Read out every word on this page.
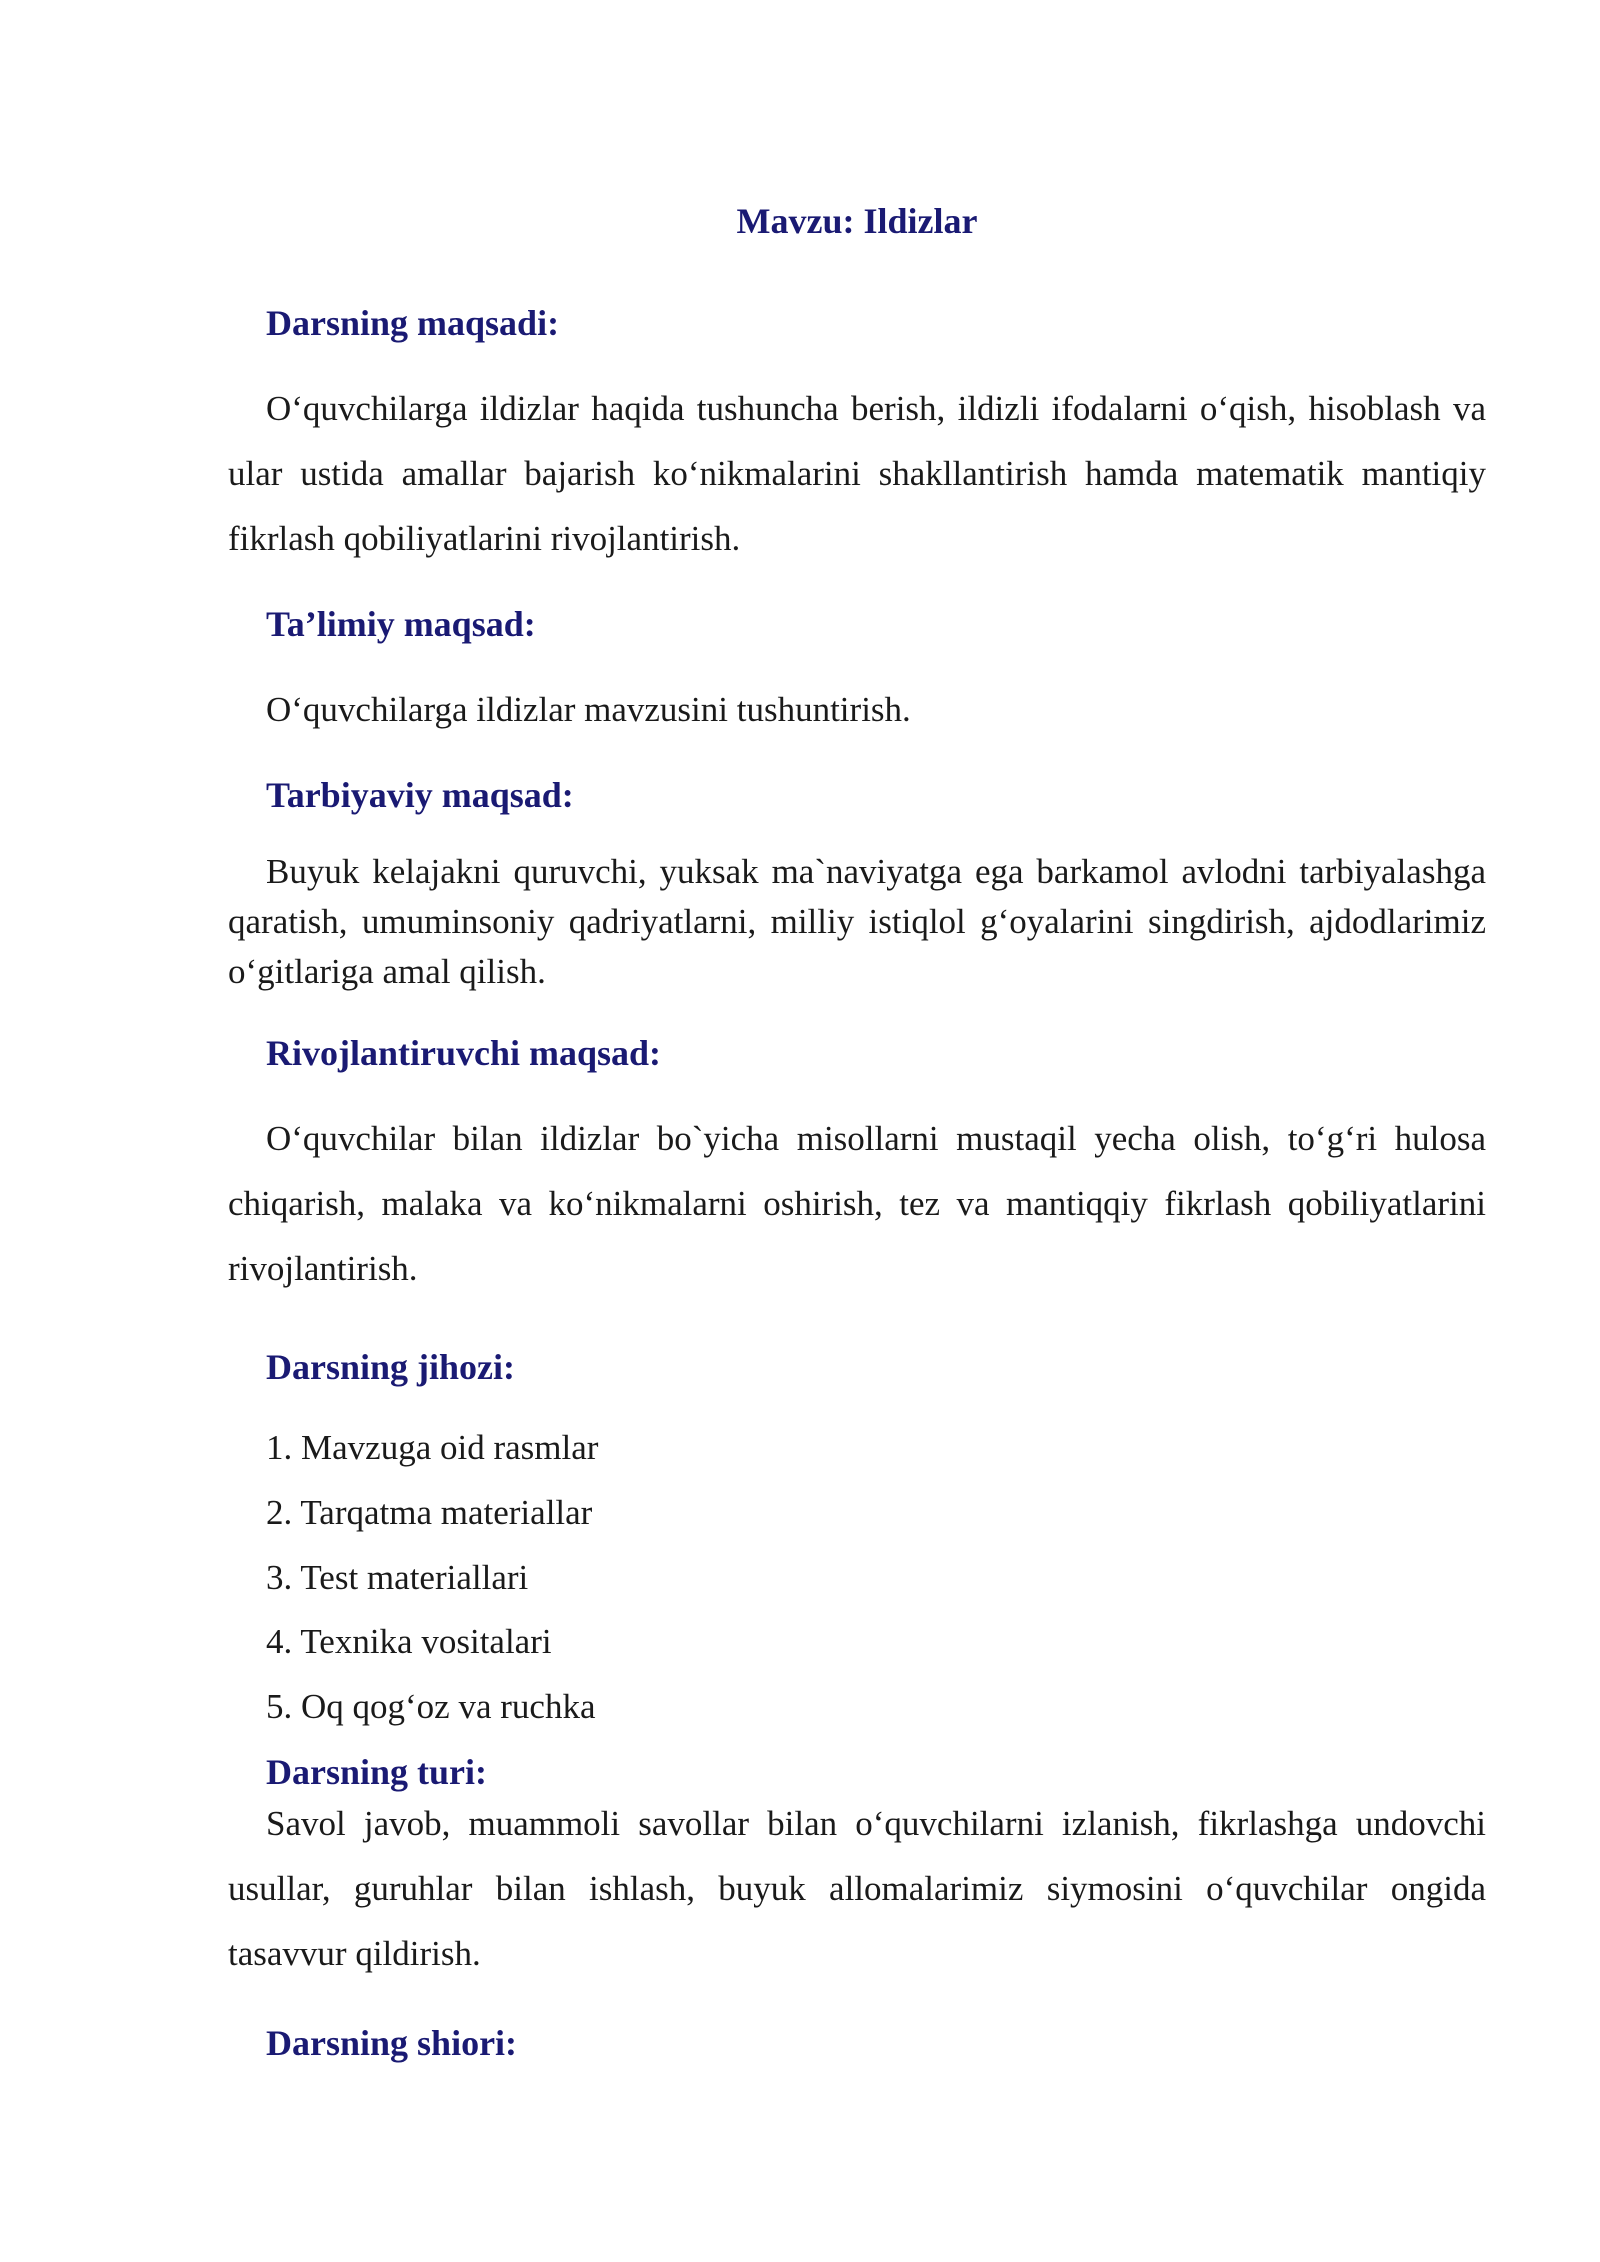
Mavzu: Ildizlar
Darsning maqsadi:
O‘quvchilarga ildizlar haqida tushuncha berish, ildizli ifodalarni o‘qish, hisoblash va ular ustida amallar bajarish ko‘nikmalarini shakllantirish hamda matematik mantiqiy fikrlash qobiliyatlarini rivojlantirish.
Ta’limiy maqsad:
O‘quvchilarga ildizlar mavzusini tushuntirish.
Tarbiyaviy maqsad:
Buyuk kelajakni quruvchi, yuksak ma`naviyatga ega barkamol avlodni tarbiyalashga qaratish, umuminsoniy qadriyatlarni, milliy istiqlol g‘oyalarini singdirish, ajdodlarimiz o‘gitlariga amal qilish.
Rivojlantiruvchi maqsad:
O‘quvchilar bilan ildizlar bo`yicha misollarni mustaqil yecha olish, to‘g‘ri hulosa chiqarish, malaka va ko‘nikmalarni oshirish, tez va mantiqqiy fikrlash qobiliyatlarini rivojlantirish.
Darsning jihozi:
1. Mavzuga oid rasmlar
2. Tarqatma materiallar
3. Test materiallari
4. Texnika vositalari
5. Oq qog‘oz va ruchka
Darsning turi:
Savol javob, muammoli savollar bilan o‘quvchilarni izlanish, fikrlashga undovchi usullar, guruhlar bilan ishlash, buyuk allomalarimiz siymosini o‘quvchilar ongida tasavvur qildirish.
Darsning shiori:
